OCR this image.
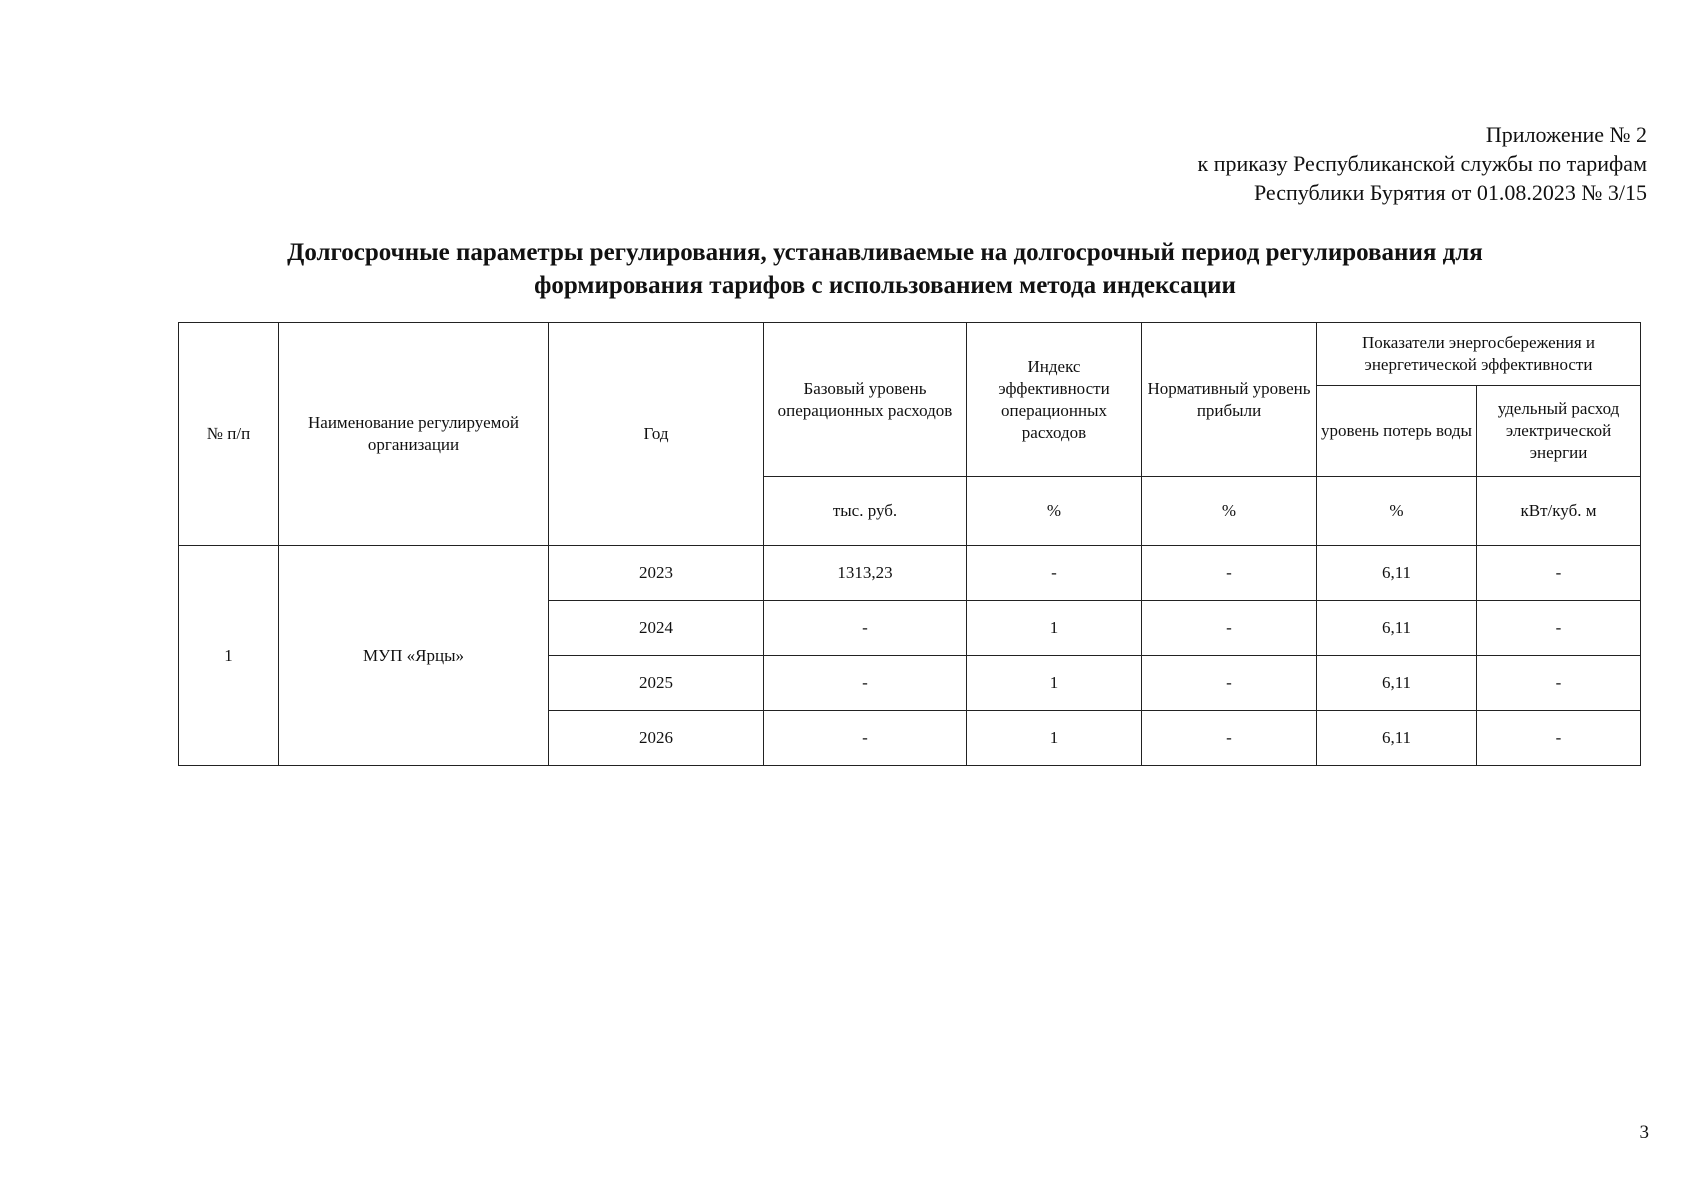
Приложение № 2
к приказу Республиканской службы по тарифам
Республики Бурятия от 01.08.2023 № 3/15
Долгосрочные параметры регулирования, устанавливаемые на долгосрочный период регулирования для
формирования тарифов с использованием метода индексации
№ п/п	Наименование регулируемой организации	Год	Базовый уровень операционных расходов	Индекс эффективности операционных расходов	Нормативный уровень прибыли	Показатели энергосбережения и энергетической эффективности	
						уровень потерь воды	удельный расход электрической энергии
			тыс. руб.	%	%	%	кВт/куб. м
1	МУП «Ярцы»	2023	1313,23	-	-	6,11	-
		2024	-	1	-	6,11	-
		2025	-	1	-	6,11	-
		2026	-	1	-	6,11	-
3
